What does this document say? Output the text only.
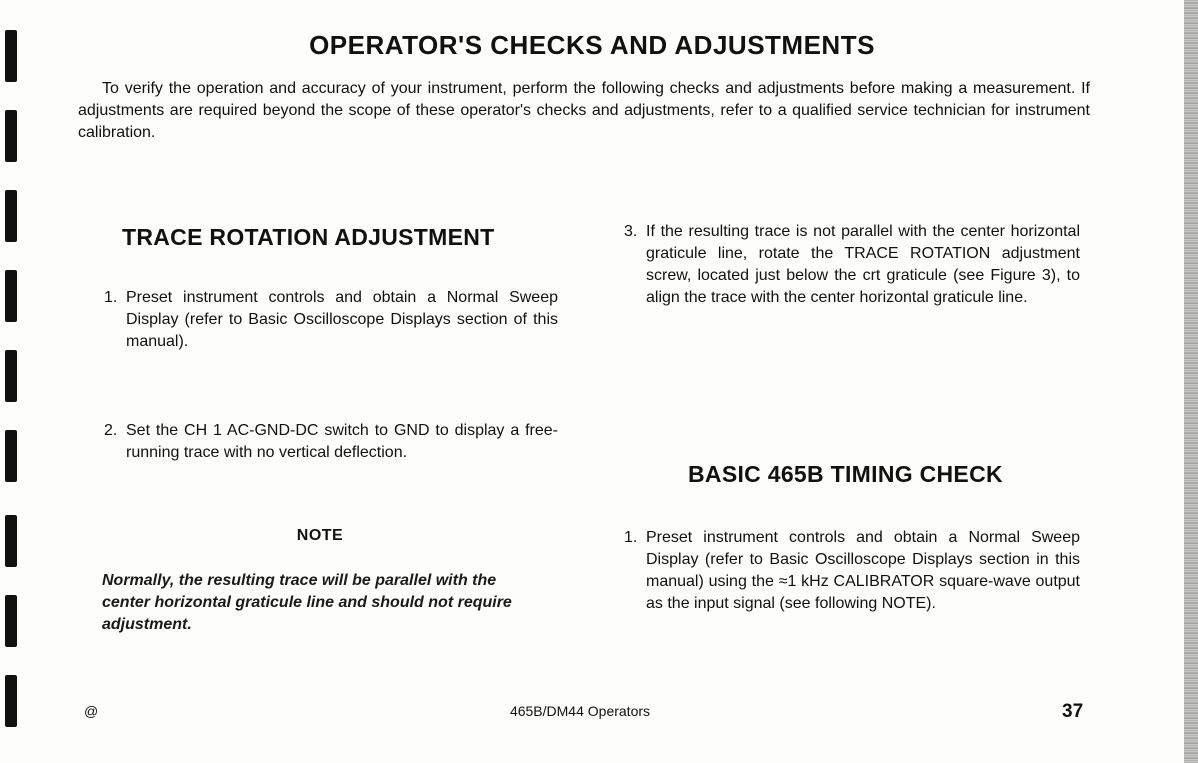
OPERATOR'S CHECKS AND ADJUSTMENTS

To verify the operation and accuracy of your instrument, perform the following checks and adjustments before making a measurement. If adjustments are required beyond the scope of these operator's checks and adjustments, refer to a qualified service technician for instrument calibration.

TRACE ROTATION ADJUSTMENT
1. Preset instrument controls and obtain a Normal Sweep Display (refer to Basic Oscilloscope Displays section of this manual).
2. Set the CH 1 AC-GND-DC switch to GND to display a free-running trace with no vertical deflection.

NOTE

Normally, the resulting trace will be parallel with the center horizontal graticule line and should not require adjustment.

3. If the resulting trace is not parallel with the center horizontal graticule line, rotate the TRACE ROTATION adjustment screw, located just below the crt graticule (see Figure 3), to align the trace with the center horizontal graticule line.
BASIC 465B TIMING CHECK
1. Preset instrument controls and obtain a Normal Sweep Display (refer to Basic Oscilloscope Displays section in this manual) using the ≈1 kHz CALIBRATOR square-wave output as the input signal (see following NOTE).

@	465B/DM44 Operators	37
